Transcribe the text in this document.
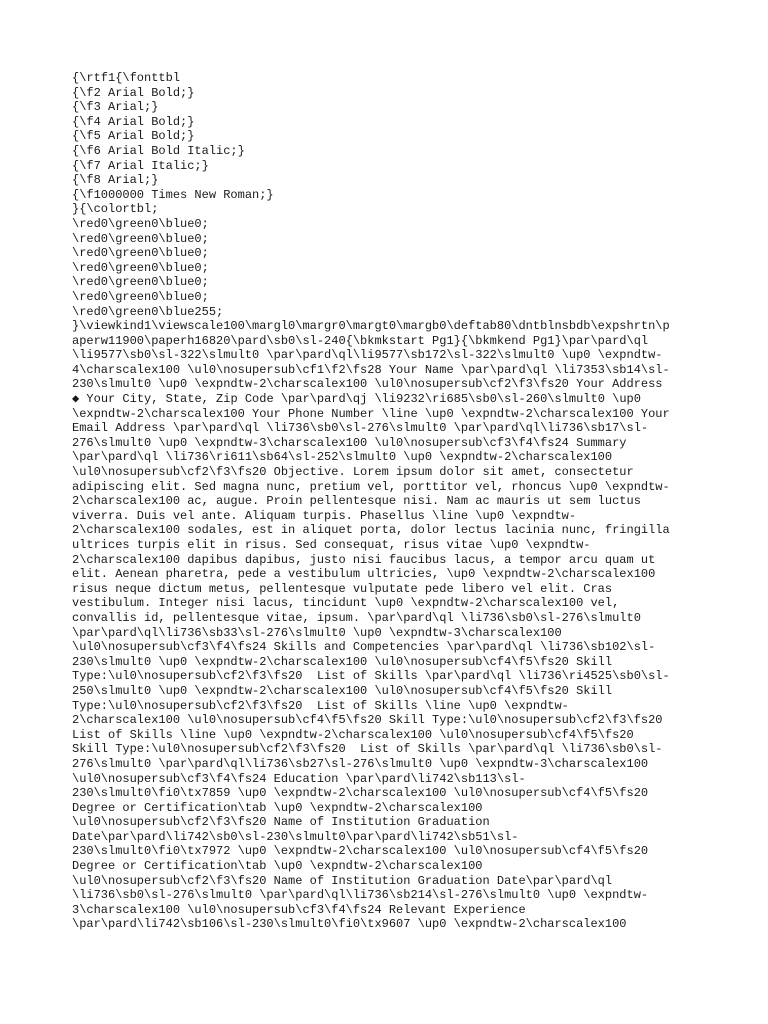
{\rtf1{\fonttbl
{\f2 Arial Bold;}
{\f3 Arial;}
{\f4 Arial Bold;}
{\f5 Arial Bold;}
{\f6 Arial Bold Italic;}
{\f7 Arial Italic;}
{\f8 Arial;}
{\f1000000 Times New Roman;}
}{\colortbl;
\red0\green0\blue0;
\red0\green0\blue0;
\red0\green0\blue0;
\red0\green0\blue0;
\red0\green0\blue0;
\red0\green0\blue0;
\red0\green0\blue255;
}\viewkind1\viewscale100\margl0\margr0\margt0\margb0\deftab80\dntblnsbdb\expshrtn\p
aperw11900\paperh16820\pard\sb0\sl-240{\bkmkstart Pg1}{\bkmkend Pg1}\par\pard\ql
\li9577\sb0\sl-322\slmult0 \par\pard\ql\li9577\sb172\sl-322\slmult0 \up0 \expndtw-
4\charscalex100 \ul0\nosupersub\cf1\f2\fs28 Your Name \par\pard\ql \li7353\sb14\sl-
230\slmult0 \up0 \expndtw-2\charscalex100 \ul0\nosupersub\cf2\f3\fs20 Your Address
◆ Your City, State, Zip Code \par\pard\qj \li9232\ri685\sb0\sl-260\slmult0 \up0
\expndtw-2\charscalex100 Your Phone Number \line \up0 \expndtw-2\charscalex100 Your
Email Address \par\pard\ql \li736\sb0\sl-276\slmult0 \par\pard\ql\li736\sb17\sl-
276\slmult0 \up0 \expndtw-3\charscalex100 \ul0\nosupersub\cf3\f4\fs24 Summary
\par\pard\ql \li736\ri611\sb64\sl-252\slmult0 \up0 \expndtw-2\charscalex100
\ul0\nosupersub\cf2\f3\fs20 Objective. Lorem ipsum dolor sit amet, consectetur
adipiscing elit. Sed magna nunc, pretium vel, porttitor vel, rhoncus \up0 \expndtw-
2\charscalex100 ac, augue. Proin pellentesque nisi. Nam ac mauris ut sem luctus
viverra. Duis vel ante. Aliquam turpis. Phasellus \line \up0 \expndtw-
2\charscalex100 sodales, est in aliquet porta, dolor lectus lacinia nunc, fringilla
ultrices turpis elit in risus. Sed consequat, risus vitae \up0 \expndtw-
2\charscalex100 dapibus dapibus, justo nisi faucibus lacus, a tempor arcu quam ut
elit. Aenean pharetra, pede a vestibulum ultricies, \up0 \expndtw-2\charscalex100
risus neque dictum metus, pellentesque vulputate pede libero vel elit. Cras
vestibulum. Integer nisi lacus, tincidunt \up0 \expndtw-2\charscalex100 vel,
convallis id, pellentesque vitae, ipsum. \par\pard\ql \li736\sb0\sl-276\slmult0
\par\pard\ql\li736\sb33\sl-276\slmult0 \up0 \expndtw-3\charscalex100
\ul0\nosupersub\cf3\f4\fs24 Skills and Competencies \par\pard\ql \li736\sb102\sl-
230\slmult0 \up0 \expndtw-2\charscalex100 \ul0\nosupersub\cf4\f5\fs20 Skill
Type:\ul0\nosupersub\cf2\f3\fs20  List of Skills \par\pard\ql \li736\ri4525\sb0\sl-
250\slmult0 \up0 \expndtw-2\charscalex100 \ul0\nosupersub\cf4\f5\fs20 Skill
Type:\ul0\nosupersub\cf2\f3\fs20  List of Skills \line \up0 \expndtw-
2\charscalex100 \ul0\nosupersub\cf4\f5\fs20 Skill Type:\ul0\nosupersub\cf2\f3\fs20
List of Skills \line \up0 \expndtw-2\charscalex100 \ul0\nosupersub\cf4\f5\fs20
Skill Type:\ul0\nosupersub\cf2\f3\fs20  List of Skills \par\pard\ql \li736\sb0\sl-
276\slmult0 \par\pard\ql\li736\sb27\sl-276\slmult0 \up0 \expndtw-3\charscalex100
\ul0\nosupersub\cf3\f4\fs24 Education \par\pard\li742\sb113\sl-
230\slmult0\fi0\tx7859 \up0 \expndtw-2\charscalex100 \ul0\nosupersub\cf4\f5\fs20
Degree or Certification\tab \up0 \expndtw-2\charscalex100
\ul0\nosupersub\cf2\f3\fs20 Name of Institution Graduation
Date\par\pard\li742\sb0\sl-230\slmult0\par\pard\li742\sb51\sl-
230\slmult0\fi0\tx7972 \up0 \expndtw-2\charscalex100 \ul0\nosupersub\cf4\f5\fs20
Degree or Certification\tab \up0 \expndtw-2\charscalex100
\ul0\nosupersub\cf2\f3\fs20 Name of Institution Graduation Date\par\pard\ql
\li736\sb0\sl-276\slmult0 \par\pard\ql\li736\sb214\sl-276\slmult0 \up0 \expndtw-
3\charscalex100 \ul0\nosupersub\cf3\f4\fs24 Relevant Experience
\par\pard\li742\sb106\sl-230\slmult0\fi0\tx9607 \up0 \expndtw-2\charscalex100
